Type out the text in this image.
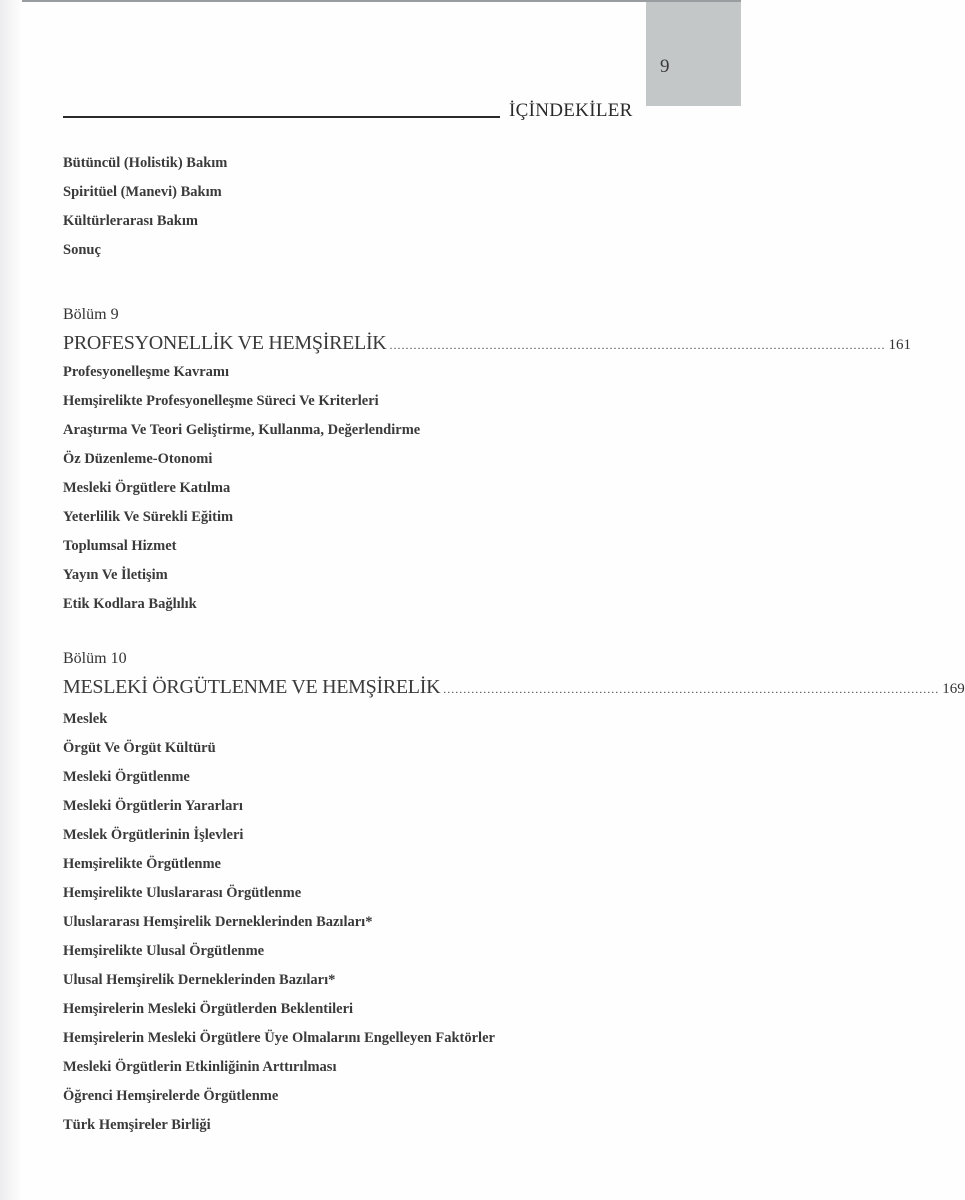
9
İÇİNDEKİLER
Bütüncül (Holistik) Bakım
Spiritüel (Manevi) Bakım
Kültürlerarası Bakım
Sonuç
Bölüm 9
PROFESYONELLİK VE HEMŞİRELİK ............................................................................................................................ 161
Profesyonelleşme Kavramı
Hemşirelikte Profesyonelleşme Süreci Ve Kriterleri
Araştırma Ve Teori Geliştirme, Kullanma, Değerlendirme
Öz Düzenleme-Otonomi
Mesleki Örgütlere Katılma
Yeterlilik Ve Sürekli Eğitim
Toplumsal Hizmet
Yayın Ve İletişim
Etik Kodlara Bağlılık
Bölüm 10
MESLEKİ ÖRGÜTLENME VE HEMŞİRELİK ............................................................................................................................ 169
Meslek
Örgüt Ve Örgüt Kültürü
Mesleki Örgütlenme
Mesleki Örgütlerin Yararları
Meslek Örgütlerinin İşlevleri
Hemşirelikte Örgütlenme
Hemşirelikte Uluslararası Örgütlenme
Uluslararası Hemşirelik Derneklerinden Bazıları*
Hemşirelikte Ulusal Örgütlenme
Ulusal Hemşirelik Derneklerinden Bazıları*
Hemşirelerin Mesleki Örgütlerden Beklentileri
Hemşirelerin Mesleki Örgütlere Üye Olmalarını Engelleyen Faktörler
Mesleki Örgütlerin Etkinliğinin Arttırılması
Öğrenci Hemşirelerde Örgütlenme
Türk Hemşireler Birliği
